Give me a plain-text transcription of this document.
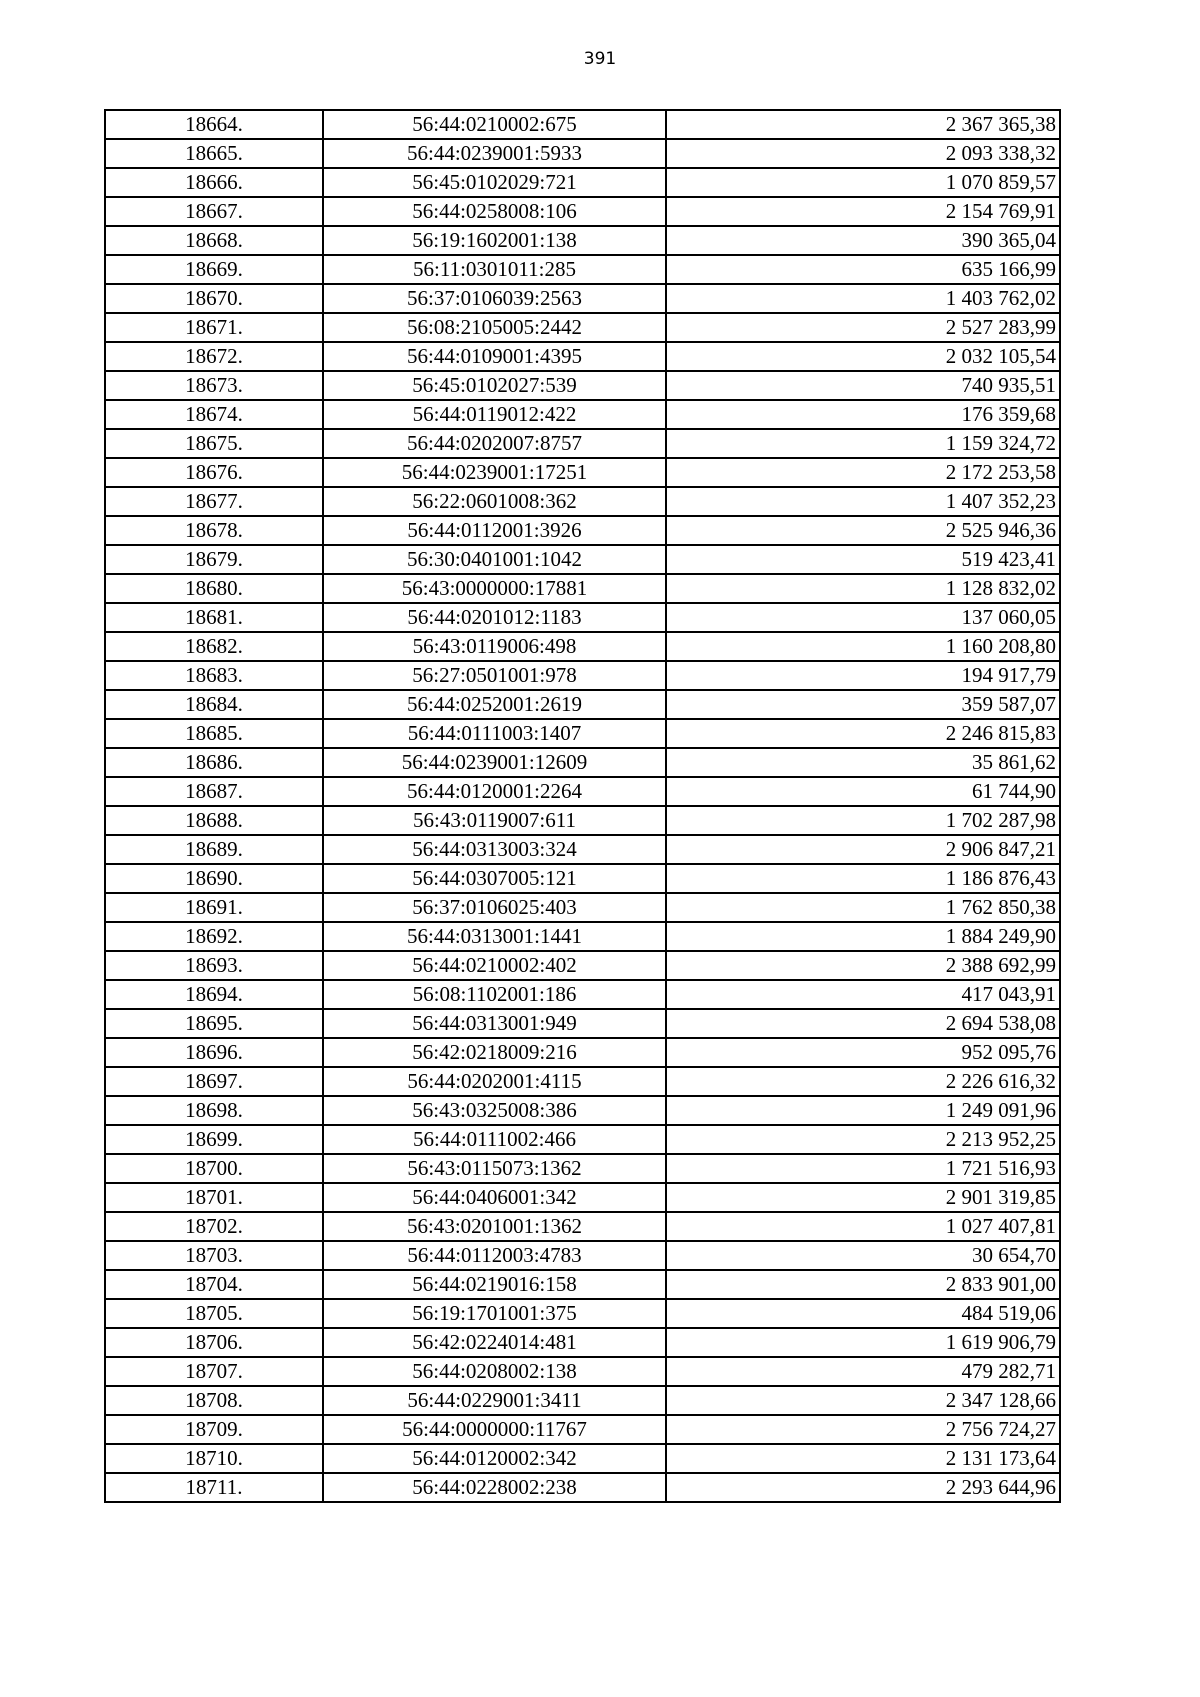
391
18664.	56:44:0210002:675	2 367 365,38
18665.	56:44:0239001:5933	2 093 338,32
18666.	56:45:0102029:721	1 070 859,57
18667.	56:44:0258008:106	2 154 769,91
18668.	56:19:1602001:138	390 365,04
18669.	56:11:0301011:285	635 166,99
18670.	56:37:0106039:2563	1 403 762,02
18671.	56:08:2105005:2442	2 527 283,99
18672.	56:44:0109001:4395	2 032 105,54
18673.	56:45:0102027:539	740 935,51
18674.	56:44:0119012:422	176 359,68
18675.	56:44:0202007:8757	1 159 324,72
18676.	56:44:0239001:17251	2 172 253,58
18677.	56:22:0601008:362	1 407 352,23
18678.	56:44:0112001:3926	2 525 946,36
18679.	56:30:0401001:1042	519 423,41
18680.	56:43:0000000:17881	1 128 832,02
18681.	56:44:0201012:1183	137 060,05
18682.	56:43:0119006:498	1 160 208,80
18683.	56:27:0501001:978	194 917,79
18684.	56:44:0252001:2619	359 587,07
18685.	56:44:0111003:1407	2 246 815,83
18686.	56:44:0239001:12609	35 861,62
18687.	56:44:0120001:2264	61 744,90
18688.	56:43:0119007:611	1 702 287,98
18689.	56:44:0313003:324	2 906 847,21
18690.	56:44:0307005:121	1 186 876,43
18691.	56:37:0106025:403	1 762 850,38
18692.	56:44:0313001:1441	1 884 249,90
18693.	56:44:0210002:402	2 388 692,99
18694.	56:08:1102001:186	417 043,91
18695.	56:44:0313001:949	2 694 538,08
18696.	56:42:0218009:216	952 095,76
18697.	56:44:0202001:4115	2 226 616,32
18698.	56:43:0325008:386	1 249 091,96
18699.	56:44:0111002:466	2 213 952,25
18700.	56:43:0115073:1362	1 721 516,93
18701.	56:44:0406001:342	2 901 319,85
18702.	56:43:0201001:1362	1 027 407,81
18703.	56:44:0112003:4783	30 654,70
18704.	56:44:0219016:158	2 833 901,00
18705.	56:19:1701001:375	484 519,06
18706.	56:42:0224014:481	1 619 906,79
18707.	56:44:0208002:138	479 282,71
18708.	56:44:0229001:3411	2 347 128,66
18709.	56:44:0000000:11767	2 756 724,27
18710.	56:44:0120002:342	2 131 173,64
18711.	56:44:0228002:238	2 293 644,96
